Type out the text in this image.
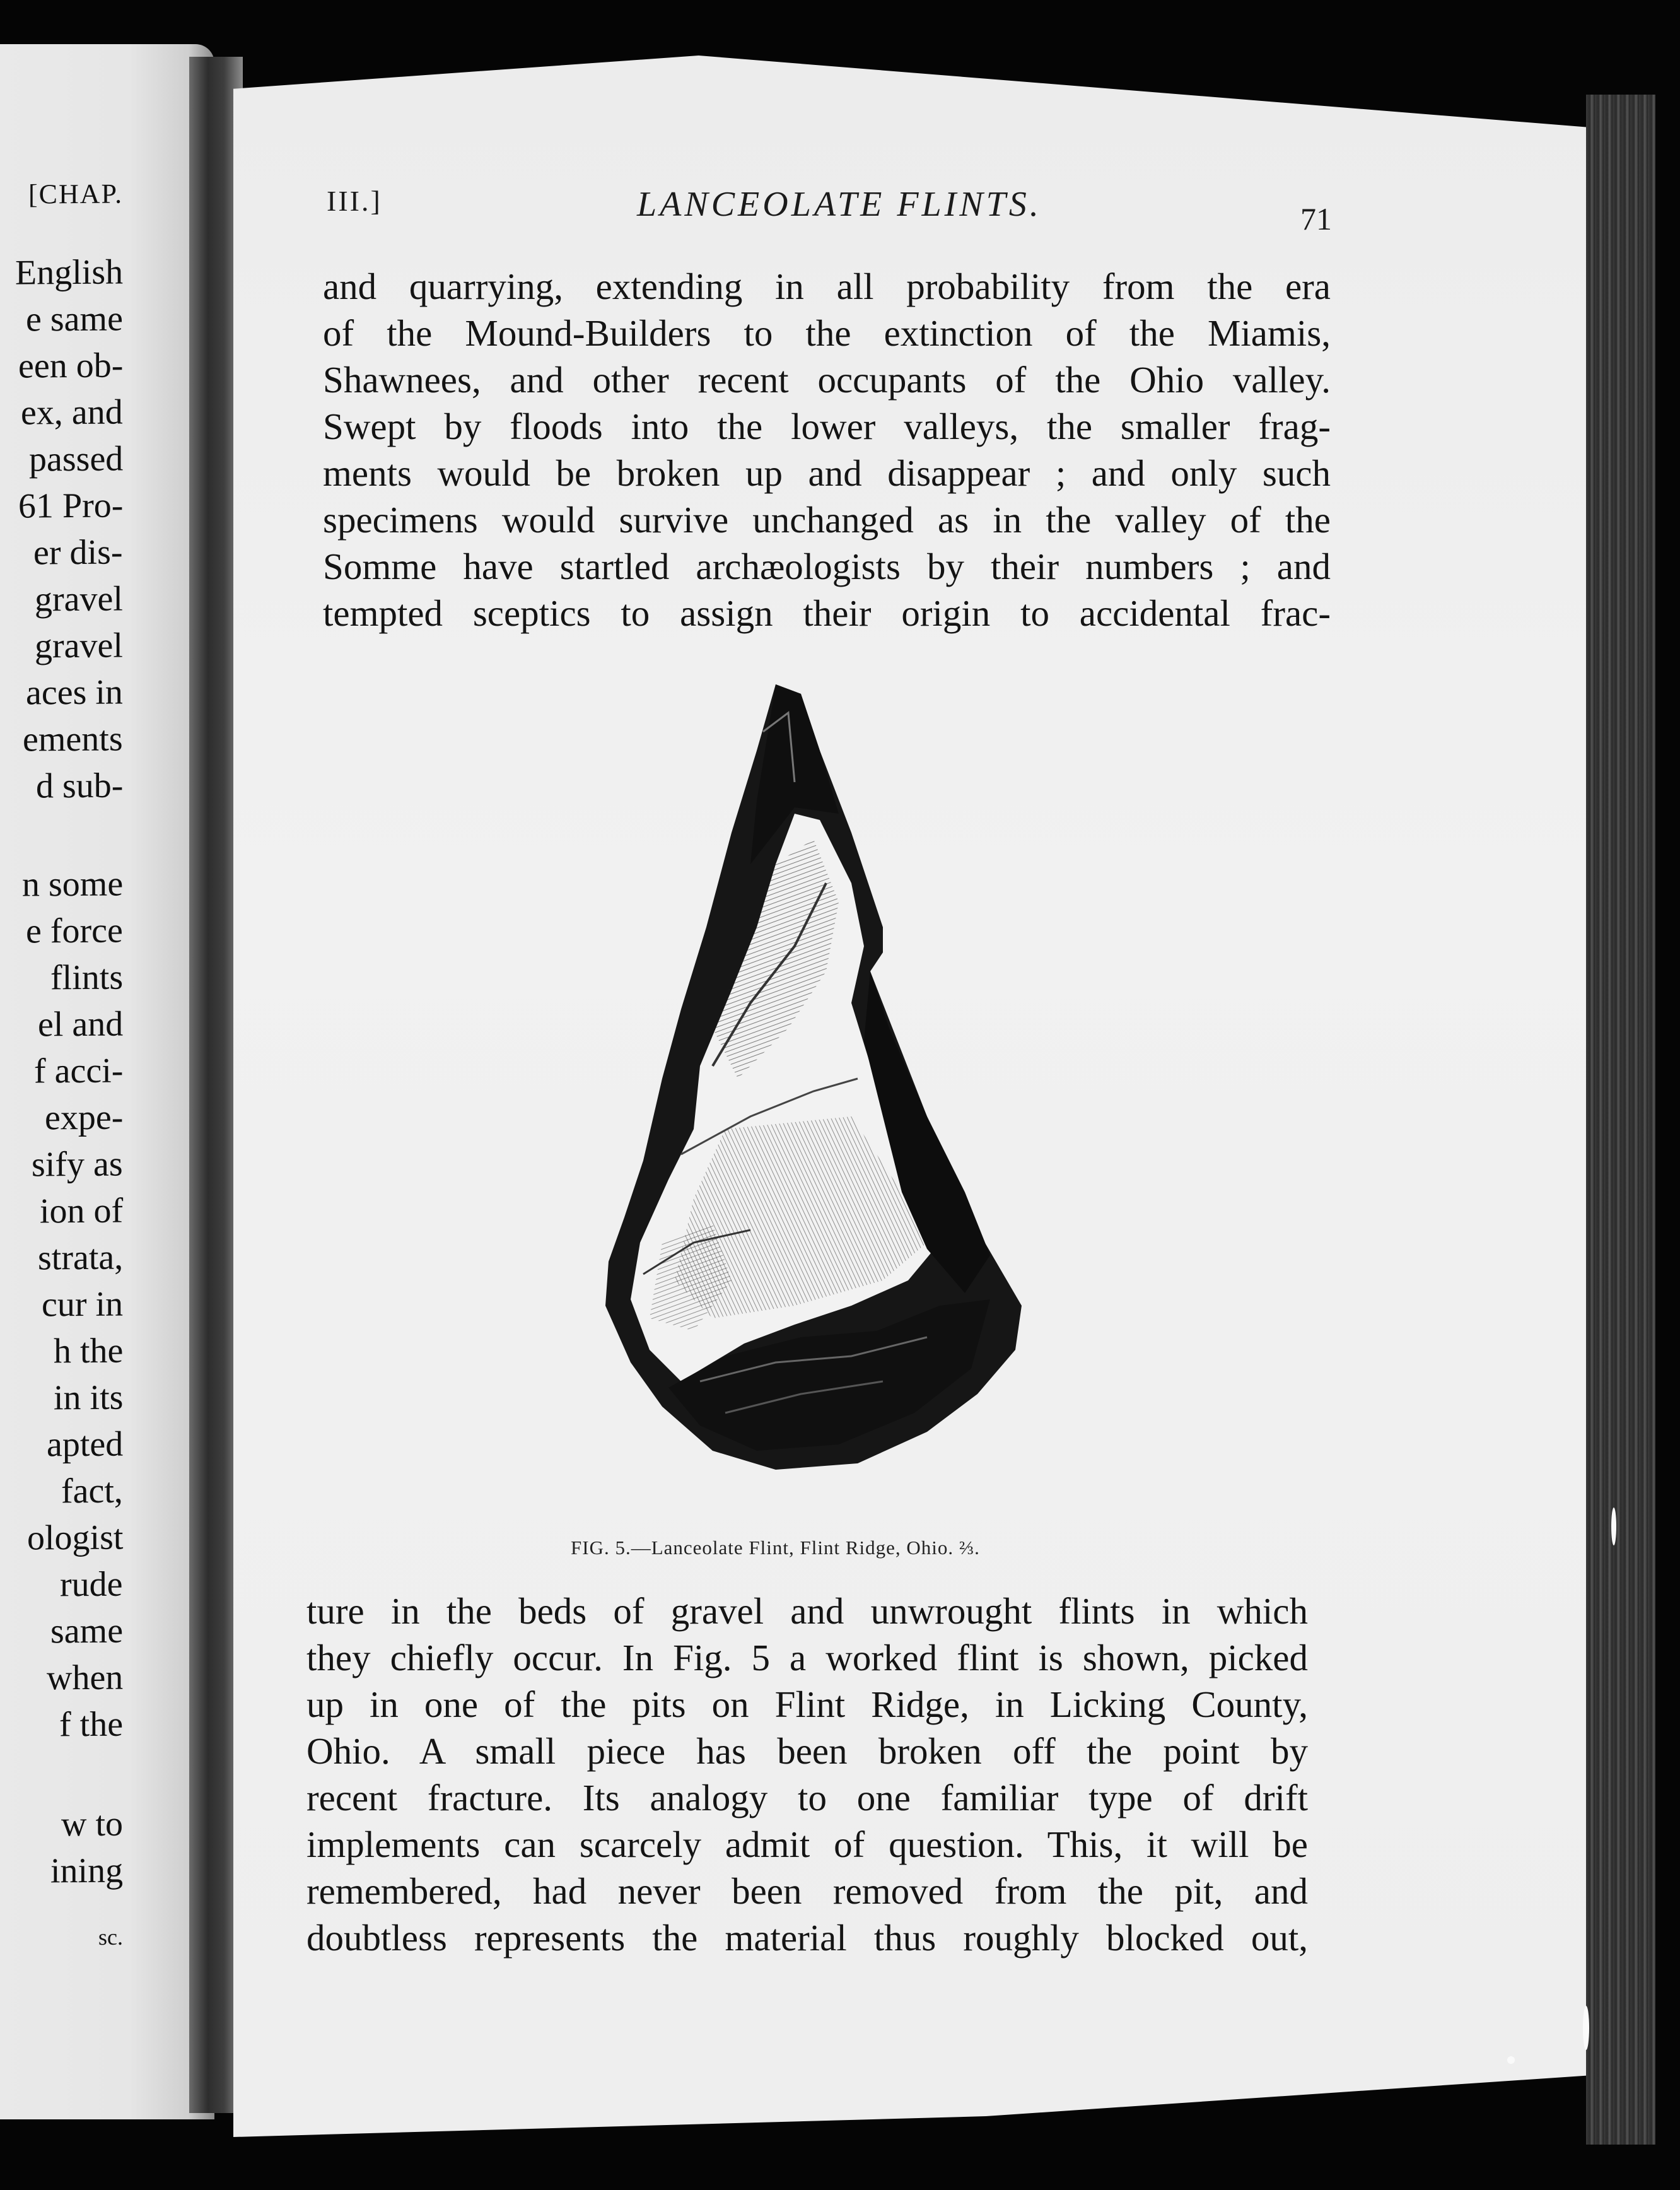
[CHAP.
English
e same
een ob-
ex, and
passed
61 Pro-
er dis-
gravel
gravel
aces in
ements
d sub-
n some
e force
flints
el and
f acci-
expe-
sify as
ion of
strata,
cur in
h the
in its
apted
fact,
ologist
rude
same
when
f the
w to
ining
sc.
III.]	LANCEOLATE FLINTS.	71
and quarrying, extending in all probability from the era
of the Mound-Builders to the extinction of the Miamis,
Shawnees, and other recent occupants of the Ohio valley.
Swept by floods into the lower valleys, the smaller frag-
ments would be broken up and disappear ; and only such
specimens would survive unchanged as in the valley of the
Somme have startled archæologists by their numbers ; and
tempted sceptics to assign their origin to accidental frac-
FIG. 5.—Lanceolate Flint, Flint Ridge, Ohio. ⅔.
ture in the beds of gravel and unwrought flints in which
they chiefly occur. In Fig. 5 a worked flint is shown, picked
up in one of the pits on Flint Ridge, in Licking County,
Ohio. A small piece has been broken off the point by
recent fracture. Its analogy to one familiar type of drift
implements can scarcely admit of question. This, it will be
remembered, had never been removed from the pit, and
doubtless represents the material thus roughly blocked out,
